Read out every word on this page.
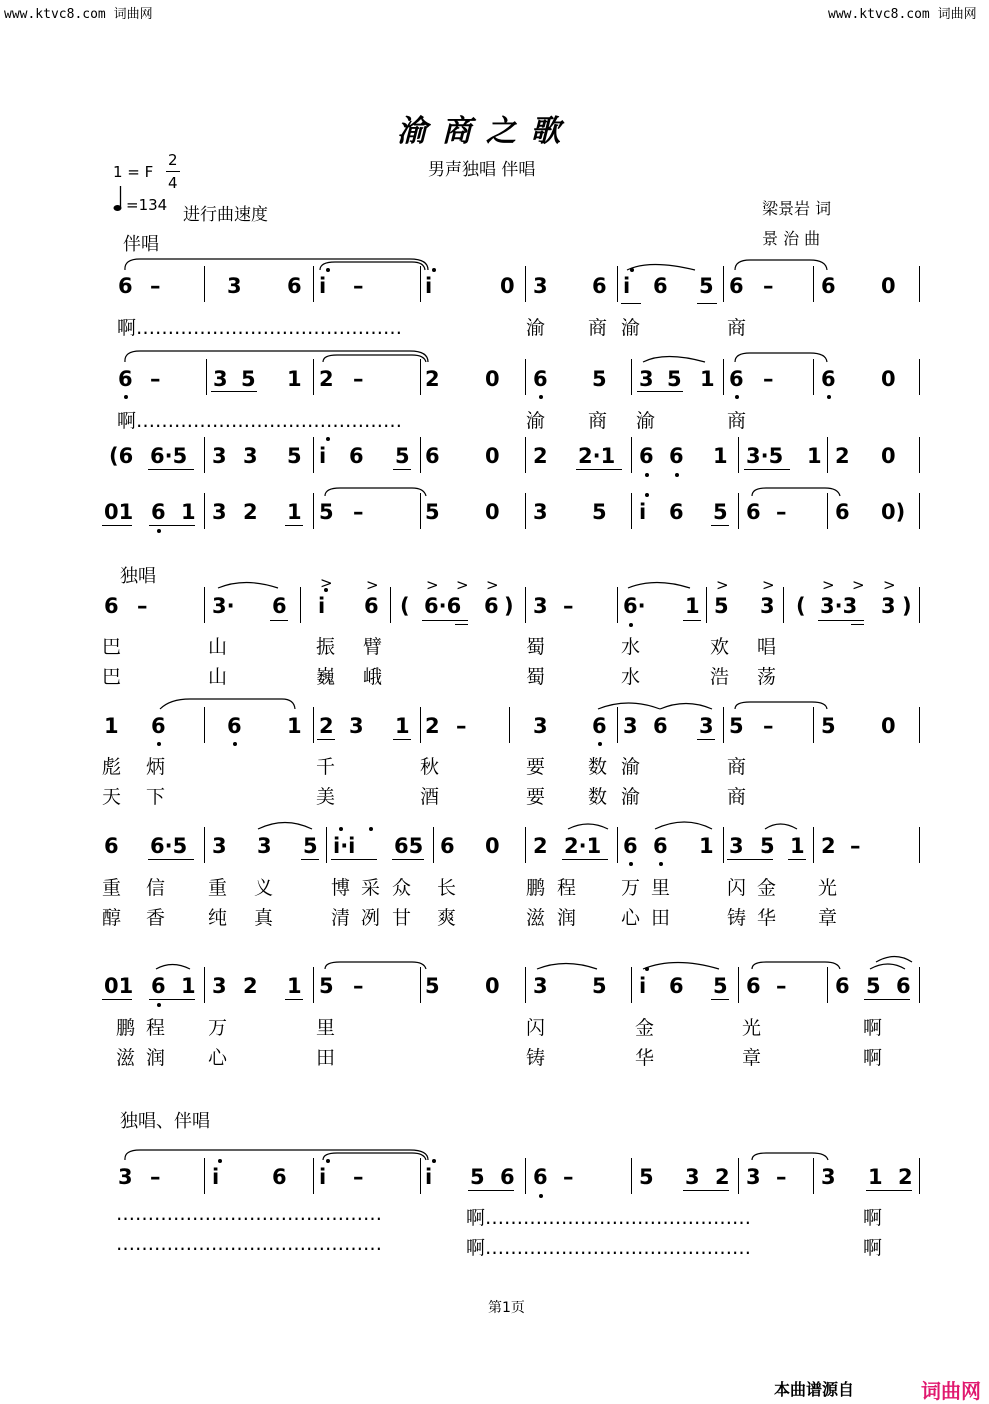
www.ktvc8.com 词曲网	www.ktvc8.com 词曲网
渝 商 之 歌
男声独唱 伴唱
1 = F
2
4
=134 进行曲速度	梁景岩 词
景 治 曲
伴唱
独唱
独唱、伴唱
6 –	3 6 i –	i	0 3 6 i 6 5 6 – 6 0
啊……………………………………	渝 商 渝	商
6 –	3 5 1 2 –	2 0 6 5 3 5 1 6 – 6 0
啊……………………………………	渝 商 渝	商
(6 6·5 3 3 5 i 6 5 6 0 2 2·1 6 6 1 3·5 1 2 0
01 6 1 3 2 1 5 –	5 0 3 5 i 6 5 6 – 6 0)
6 –	3· 6 i 6 ( 6·6 6 ) 3 – 6· 1 5 3 ( 3·3 3 )
> >	> > >	> >	> > >
巴	山	振 臂	蜀	水	欢 唱
巴	山	巍 峨	蜀	水	浩 荡
1 6	6 1 2 3 1 2 –	3 6 3 6 3 5 – 5 0
彪 炳	千	秋	要 数 渝	商
天 下	美	酒	要 数 渝	商
6 6·5 3 3 5 i·i 65 6 0 2 2·1 6 6 1 3 5 1 2 –
重 信 重 义	博 采 众 长	鹏 程 万 里	闪 金 光
醇 香 纯 真	清 冽 甘 爽	滋 润 心 田	铸 华 章
01 6 1 3 2 1 5 –	5 0 3 5 i 6 5 6 – 6 5 6
鹏 程 万	里	闪	金	光	啊
滋 润 心	田	铸	华	章	啊
3 – i	6 i –	i 5 6 6 –	5 3 2 3 – 3 1 2
……………………………………	啊……………………………………	啊
……………………………………	啊……………………………………	啊
第1页
本曲谱源自	词曲网
